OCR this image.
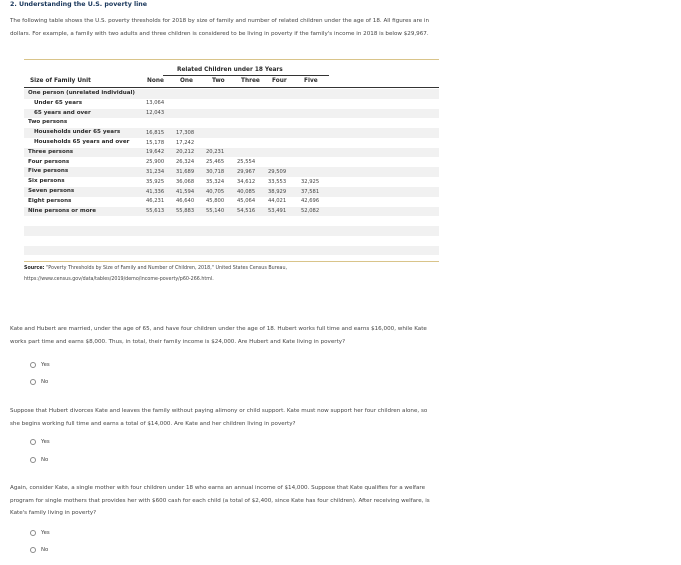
2. Understanding the U.S. poverty line
The following table shows the U.S. poverty thresholds for 2018 by size of family and number of related children under the age of 18. All figures are in
dollars. For example, a family with two adults and three children is considered to be living in poverty if the family's income in 2018 is below $29,967.
Related Children under 18 Years
Size of Family Unit	None	One	Two	Three Four	Five
One person (unrelated individual)
Under 65 years	13,064
65 years and over	12,043
Two persons
Households under 65 years	16,815 17,308
Households 65 years and over	15,178 17,242
Three persons	19,642 20,212 20,231
Four persons	25,900 26,324 25,465 25,554
Five persons	31,234 31,689 30,718 29,967 29,509
Six persons	35,925 36,068 35,324 34,612 33,553	32,925
Seven persons	41,336 41,594 40,705 40,085 38,929	37,581
Eight persons	46,231 46,640 45,800 45,064 44,021	42,696
Nine persons or more	55,613 55,883 55,140 54,516 53,491	52,082
Source: "Poverty Thresholds by Size of Family and Number of Children, 2018," United States Census Bureau,
https://www.census.gov/data/tables/2019/demo/income-poverty/p60-266.html.
Kate and Hubert are married, under the age of 65, and have four children under the age of 18. Hubert works full time and earns $16,000, while Kate
works part time and earns $8,000. Thus, in total, their family income is $24,000. Are Hubert and Kate living in poverty?
Yes
No
Suppose that Hubert divorces Kate and leaves the family without paying alimony or child support. Kate must now support her four children alone, so
she begins working full time and earns a total of $14,000. Are Kate and her children living in poverty?
Yes
No
Again, consider Kate, a single mother with four children under 18 who earns an annual income of $14,000. Suppose that Kate qualifies for a welfare
program for single mothers that provides her with $600 cash for each child (a total of $2,400, since Kate has four children). After receiving welfare, is
Kate's family living in poverty?
Yes
No
